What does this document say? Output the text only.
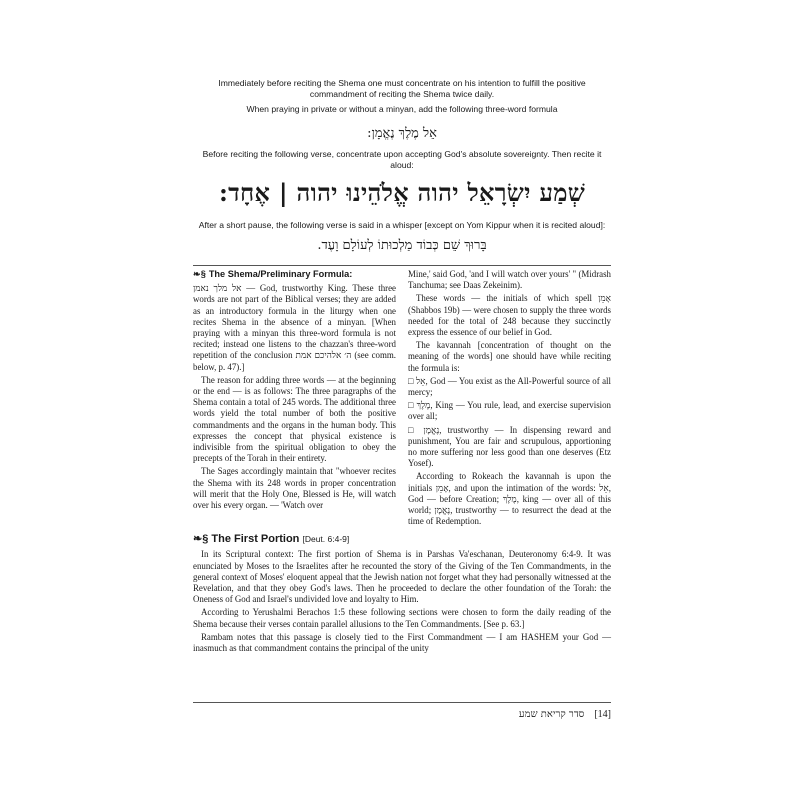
Immediately before reciting the Shema one must concentrate on his intention to fulfill the positive commandment of reciting the Shema twice daily.
When praying in private or without a minyan, add the following three-word formula
אֵל מֶלֶךְ נֶאֱמָן:
Before reciting the following verse, concentrate upon accepting God's absolute sovereignty. Then recite it aloud:
שְׁמַע יִשְׂרָאֵל יהוה אֱלֹהֵינוּ יהוה | אֶחָד:
After a short pause, the following verse is said in a whisper [except on Yom Kippur when it is recited aloud]:
בָּרוּךְ שֵׁם כְּבוֹד מַלְכוּתוֹ לְעוֹלָם וָעֶד.
❧§ The Shema/Preliminary Formula:

אל מלך נאמן — God, trustworthy King. These three words are not part of the Biblical verses; they are added as an introductory formula in the liturgy when one recites Shema in the absence of a minyan. [When praying with a minyan this three-word formula is not recited; instead one listens to the chazzan's three-word repetition of the conclusion ה׳ אלהיכם אמת (see comm. below, p. 47).]

The reason for adding three words — at the beginning or the end — is as follows: The three paragraphs of the Shema contain a total of 245 words. The additional three words yield the total number of both the positive commandments and the organs in the human body. This expresses the concept that physical existence is indivisible from the spiritual obligation to obey the precepts of the Torah in their entirety.

The Sages accordingly maintain that "whoever recites the Shema with its 248 words in proper concentration will merit that the Holy One, Blessed is He, will watch over his every organ. — 'Watch over

Mine,' said God, 'and I will watch over yours' " (Midrash Tanchuma; see Daas Zekeinim).

These words — the initials of which spell אָמֵן (Shabbos 19b) — were chosen to supply the three words needed for the total of 248 because they succinctly express the essence of our belief in God.

The kavannah [concentration of thought on the meaning of the words] one should have while reciting the formula is:

□ אֵל, God — You exist as the All-Powerful source of all mercy;

□ מֶלֶךְ, King — You rule, lead, and exercise supervision over all;

□ נֶאֱמָן, trustworthy — In dispensing reward and punishment, You are fair and scrupulous, apportioning no more suffering nor less good than one deserves (Etz Yosef).

According to Rokeach the kavannah is upon the initials אָמֵן, and upon the intimation of the words: אֵל, God — before Creation; מֶלֶךְ, king — over all of this world; נֶאֱמָן, trustworthy — to resurrect the dead at the time of Redemption.

❧§ The First Portion [Deut. 6:4-9]

In its Scriptural context: The first portion of Shema is in Parshas Va'eschanan, Deuteronomy 6:4-9. It was enunciated by Moses to the Israelites after he recounted the story of the Giving of the Ten Commandments, in the general context of Moses' eloquent appeal that the Jewish nation not forget what they had personally witnessed at the Revelation, and that they obey God's laws. Then he proceeded to declare the other foundation of the Torah: the Oneness of God and Israel's undivided love and loyalty to Him.

According to Yerushalmi Berachos 1:5 these following sections were chosen to form the daily reading of the Shema because their verses contain parallel allusions to the Ten Commandments. [See p. 63.]

Rambam notes that this passage is closely tied to the First Commandment — I am HASHEM your God — inasmuch as that commandment contains the principal of the unity

סדר קריאת שמע [14]
